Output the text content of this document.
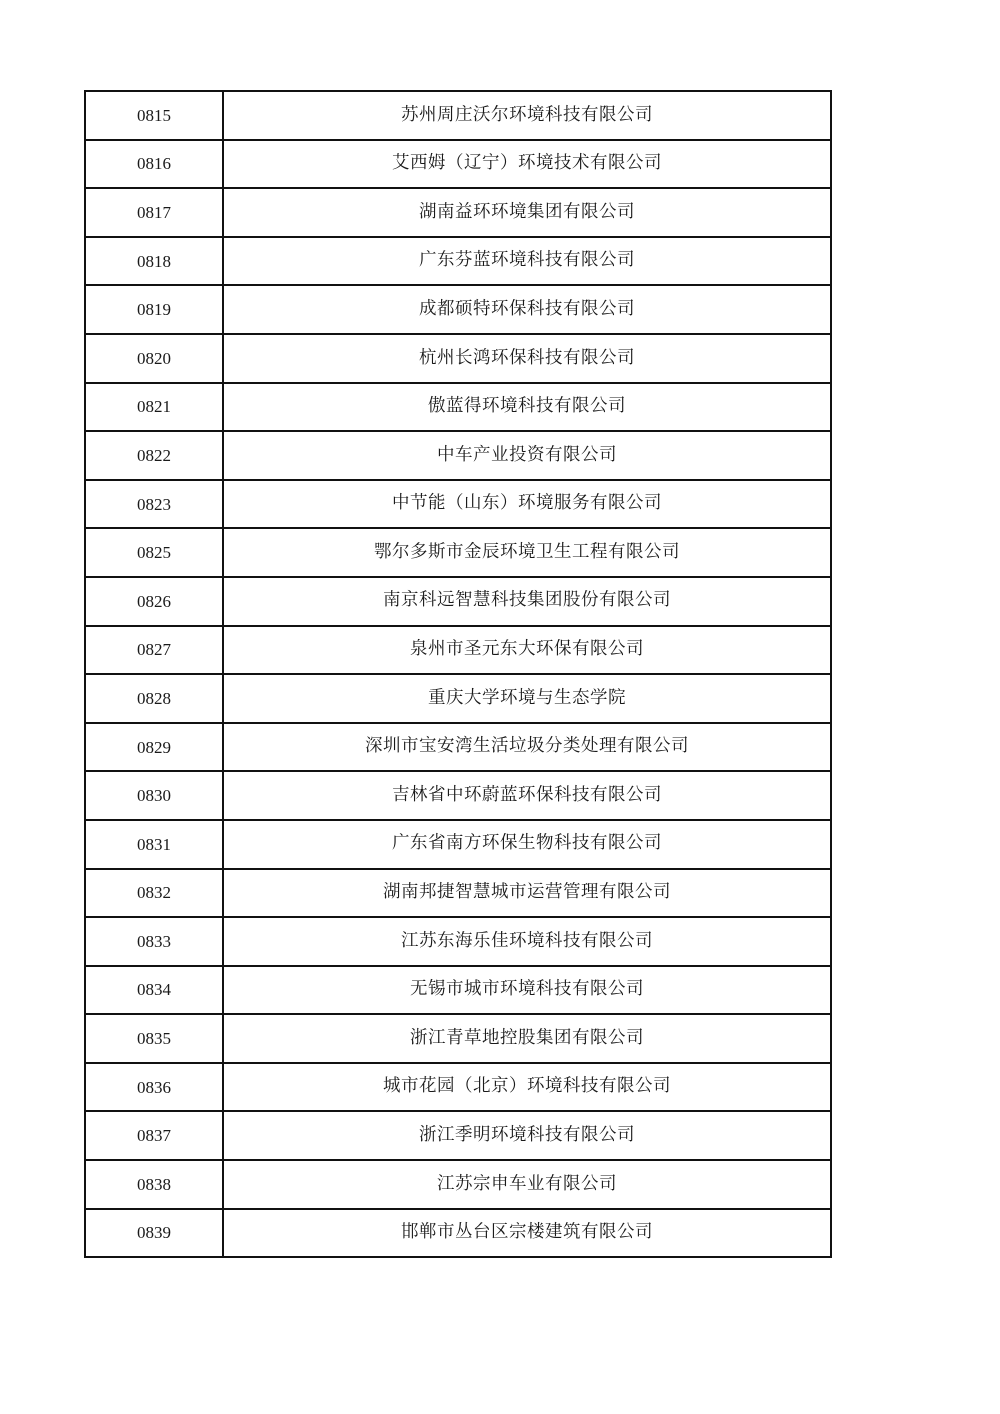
0815	苏州周庄沃尔环境科技有限公司
0816	艾西姆（辽宁）环境技术有限公司
0817	湖南益环环境集团有限公司
0818	广东芬蓝环境科技有限公司
0819	成都硕特环保科技有限公司
0820	杭州长鸿环保科技有限公司
0821	傲蓝得环境科技有限公司
0822	中车产业投资有限公司
0823	中节能（山东）环境服务有限公司
0825	鄂尔多斯市金辰环境卫生工程有限公司
0826	南京科远智慧科技集团股份有限公司
0827	泉州市圣元东大环保有限公司
0828	重庆大学环境与生态学院
0829	深圳市宝安湾生活垃圾分类处理有限公司
0830	吉林省中环蔚蓝环保科技有限公司
0831	广东省南方环保生物科技有限公司
0832	湖南邦捷智慧城市运营管理有限公司
0833	江苏东海乐佳环境科技有限公司
0834	无锡市城市环境科技有限公司
0835	浙江青草地控股集团有限公司
0836	城市花园（北京）环境科技有限公司
0837	浙江季明环境科技有限公司
0838	江苏宗申车业有限公司
0839	邯郸市丛台区宗楼建筑有限公司
